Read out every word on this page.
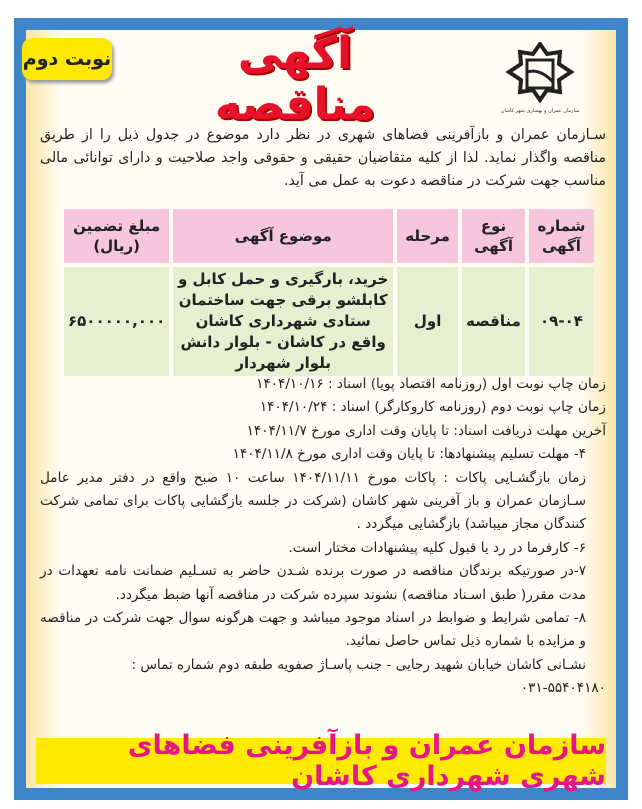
نوبت دوم	آگهی مناقصه	سازمان عمران و بهسازی شهر کاشان
سـازمان عمران و بازآفرینی فضاهای شهری در نظر دارد موضوع در جدول ذیل را از طریق مناقصه واگذار نماید. لذا از کلیه متقاضیان حقیقی و حقوقی واجد صلاحیت و دارای توانائی مالی مناسب جهت شرکت در مناقصه دعوت به عمل می آید.
شماره آگهی	نوع آگهی	مرحله	موضوع آگهی	مبلغ تضمین (ریال)
۰۹-۰۴	مناقصه	اول	خرید، بارگیری و حمل کابل و کابلشو برقی جهت ساختمان ستادی شهرداری کاشان واقع در کاشان - بلوار دانش بلوار شهردار	۶۵۰۰۰۰۰,۰۰۰

زمان چاپ نوبت اول (روزنامه اقتصاد پویا) اسناد : ۱۴۰۴/۱۰/۱۶

زمان چاپ نوبت دوم (روزنامه کاروکارگر) اسناد : ۱۴۰۴/۱۰/۲۴

آخرین مهلت دریافت اسناد: تا پایان وقت اداری مورخ ۱۴۰۴/۱۱/۷

۴- مهلت تسلیم پیشنهادها: تا پایان وقت اداری مورخ ۱۴۰۴/۱۱/۸

زمان بازگشـایی پاکات : پاکات مورخ ۱۴۰۴/۱۱/۱۱ ساعت ۱۰ صبح واقع در دفتر مدیر عامل سـازمان عمران و باز آفرینی شهر کاشان (شرکت در جلسه بازگشایی پاکات برای تمامی شرکت کنندگان مجاز میباشد) بازگشایی میگردد .

۶- کارفرما در رد یا قبول کلیه پیشنهادات مختار است.

۷-در صورتیکه برندگان مناقصه در صورت برنده شـدن حاضر به تسـلیم ضمانت نامه تعهدات در مدت مقرر( طبق اسـناد مناقصه) نشوند سپرده شرکت در مناقصه آنها ضبط میگردد.

۸- تمامی شرایط و ضوابط در اسناد موجود میباشد و جهت هرگونه سوال جهت شرکت در مناقصه و مزایده با شماره ذیل تماس حاصل نمائید.

نشـانی کاشان خیابان شهید رجایی - جنب پاسـاژ صفویه طبقه دوم شماره تماس :

۰۳۱-۵۵۴۰۴۱۸۰

سازمان عمران و بازآفرینی فضاهای شهری شهرداری کاشان
